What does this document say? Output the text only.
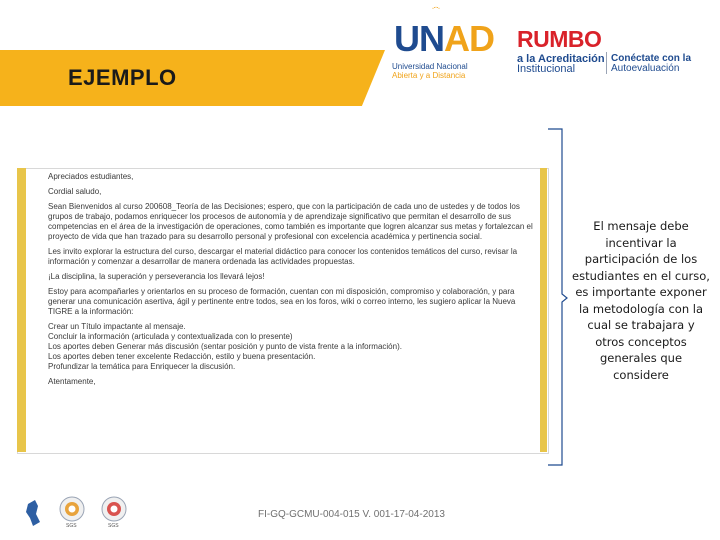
EJEMPLO
UNAD
Universidad Nacional
Abierta y a Distancia
RUMBO
a la Acreditación
Institucional
Conéctate con la
Autoevaluación

Apreciados estudiantes,

Cordial saludo,

Sean Bienvenidos al curso 200608_Teoría de las Decisiones; espero, que con la participación de cada uno de ustedes y de todos los grupos de trabajo, podamos enriquecer los procesos de autonomía y de aprendizaje significativo que permitan el desarrollo de sus competencias en el área de la investigación de operaciones, como también es importante que logren alcanzar sus metas y fortalezcan el proyecto de vida que han trazado para su desarrollo personal y profesional con excelencia académica y pertinencia social.

Les invito explorar la estructura del curso, descargar el material didáctico para conocer los contenidos temáticos del curso, revisar la información y comenzar a desarrollar de manera ordenada las actividades propuestas.

¡La disciplina, la superación y perseverancia los llevará lejos!

Estoy para acompañarles y orientarlos en su proceso de formación, cuentan con mi disposición, compromiso y colaboración, y para generar una comunicación asertiva, ágil y pertinente entre todos, sea en los foros, wiki o correo interno, les sugiero aplicar la Nueva TIGRE a la información:

Crear un Título impactante al mensaje.
Concluir la información (articulada y contextualizada con lo presente)
Los aportes deben Generar más discusión (sentar posición y punto de vista frente a la información).
Los aportes deben tener excelente Redacción, estilo y buena presentación.
Profundizar la temática para Enriquecer la discusión.

Atentamente,

El mensaje debe incentivar la participación de los estudiantes en el curso, es importante exponer la metodología con la cual se trabajara y otros conceptos generales que considere
SGS	SGS
FI-GQ-GCMU-004-015 V. 001-17-04-2013
